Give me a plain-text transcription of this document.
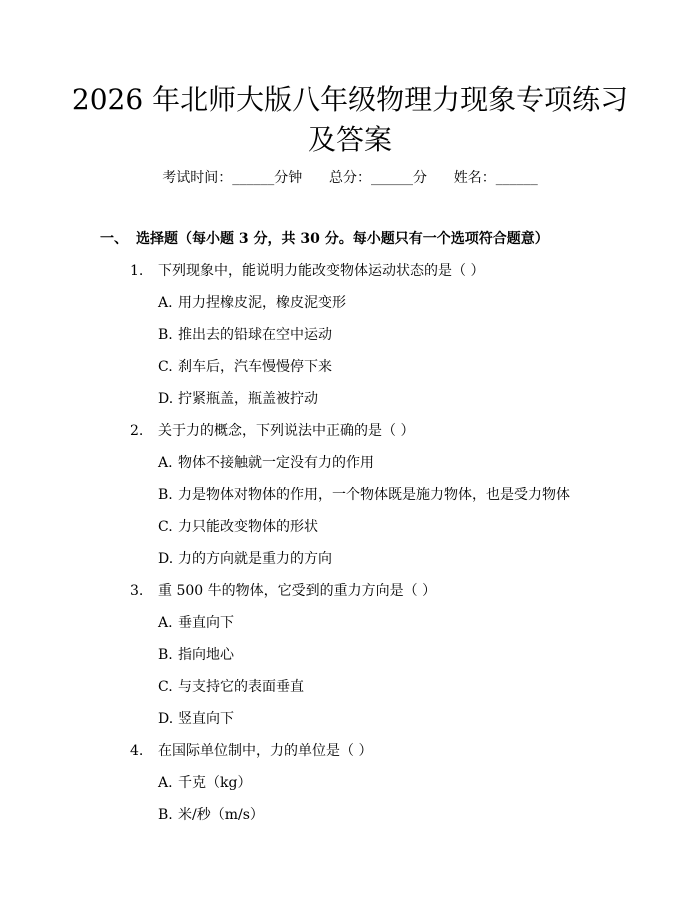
2026 年北师大版八年级物理力现象专项练习
及答案
考试时间：______分钟      总分：______分      姓名：______
一、 选择题（每小题 3 分，共 30 分。每小题只有一个选项符合题意）
1. 下列现象中，能说明力能改变物体运动状态的是（ ）
A. 用力捏橡皮泥，橡皮泥变形
B. 推出去的铅球在空中运动
C. 刹车后，汽车慢慢停下来
D. 拧紧瓶盖，瓶盖被拧动
2. 关于力的概念，下列说法中正确的是（ ）
A. 物体不接触就一定没有力的作用
B. 力是物体对物体的作用，一个物体既是施力物体，也是受力物体
C. 力只能改变物体的形状
D. 力的方向就是重力的方向
3. 重 500 牛的物体，它受到的重力方向是（ ）
A. 垂直向下
B. 指向地心
C. 与支持它的表面垂直
D. 竖直向下
4. 在国际单位制中，力的单位是（ ）
A. 千克（kg）
B. 米/秒（m/s）
